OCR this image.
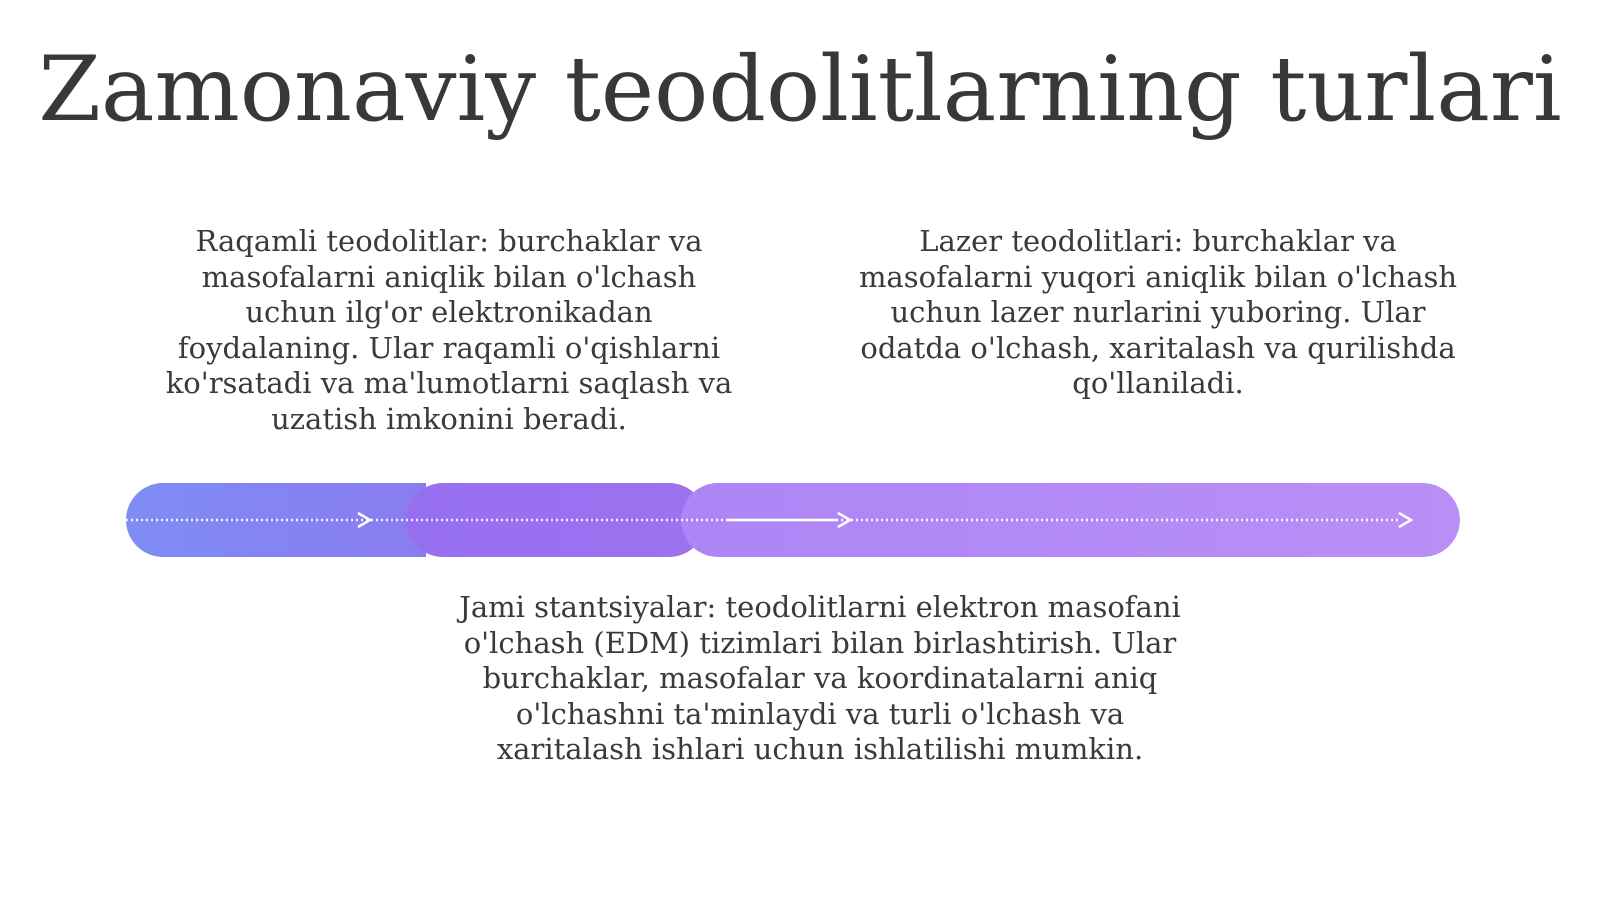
Zamonaviy teodolitlarning turlari
Raqamli teodolitlar: burchaklar va masofalarni aniqlik bilan o'lchash uchun ilg'or elektronikadan foydalaning. Ular raqamli o'qishlarni ko'rsatadi va ma'lumotlarni saqlash va uzatish imkonini beradi.
Lazer teodolitlari: burchaklar va masofalarni yuqori aniqlik bilan o'lchash uchun lazer nurlarini yuboring. Ular odatda o'lchash, xaritalash va qurilishda qo'llaniladi.
Jami stantsiyalar: teodolitlarni elektron masofani o'lchash (EDM) tizimlari bilan birlashtirish. Ular burchaklar, masofalar va koordinatalarni aniq o'lchashni ta'minlaydi va turli o'lchash va xaritalash ishlari uchun ishlatilishi mumkin.
